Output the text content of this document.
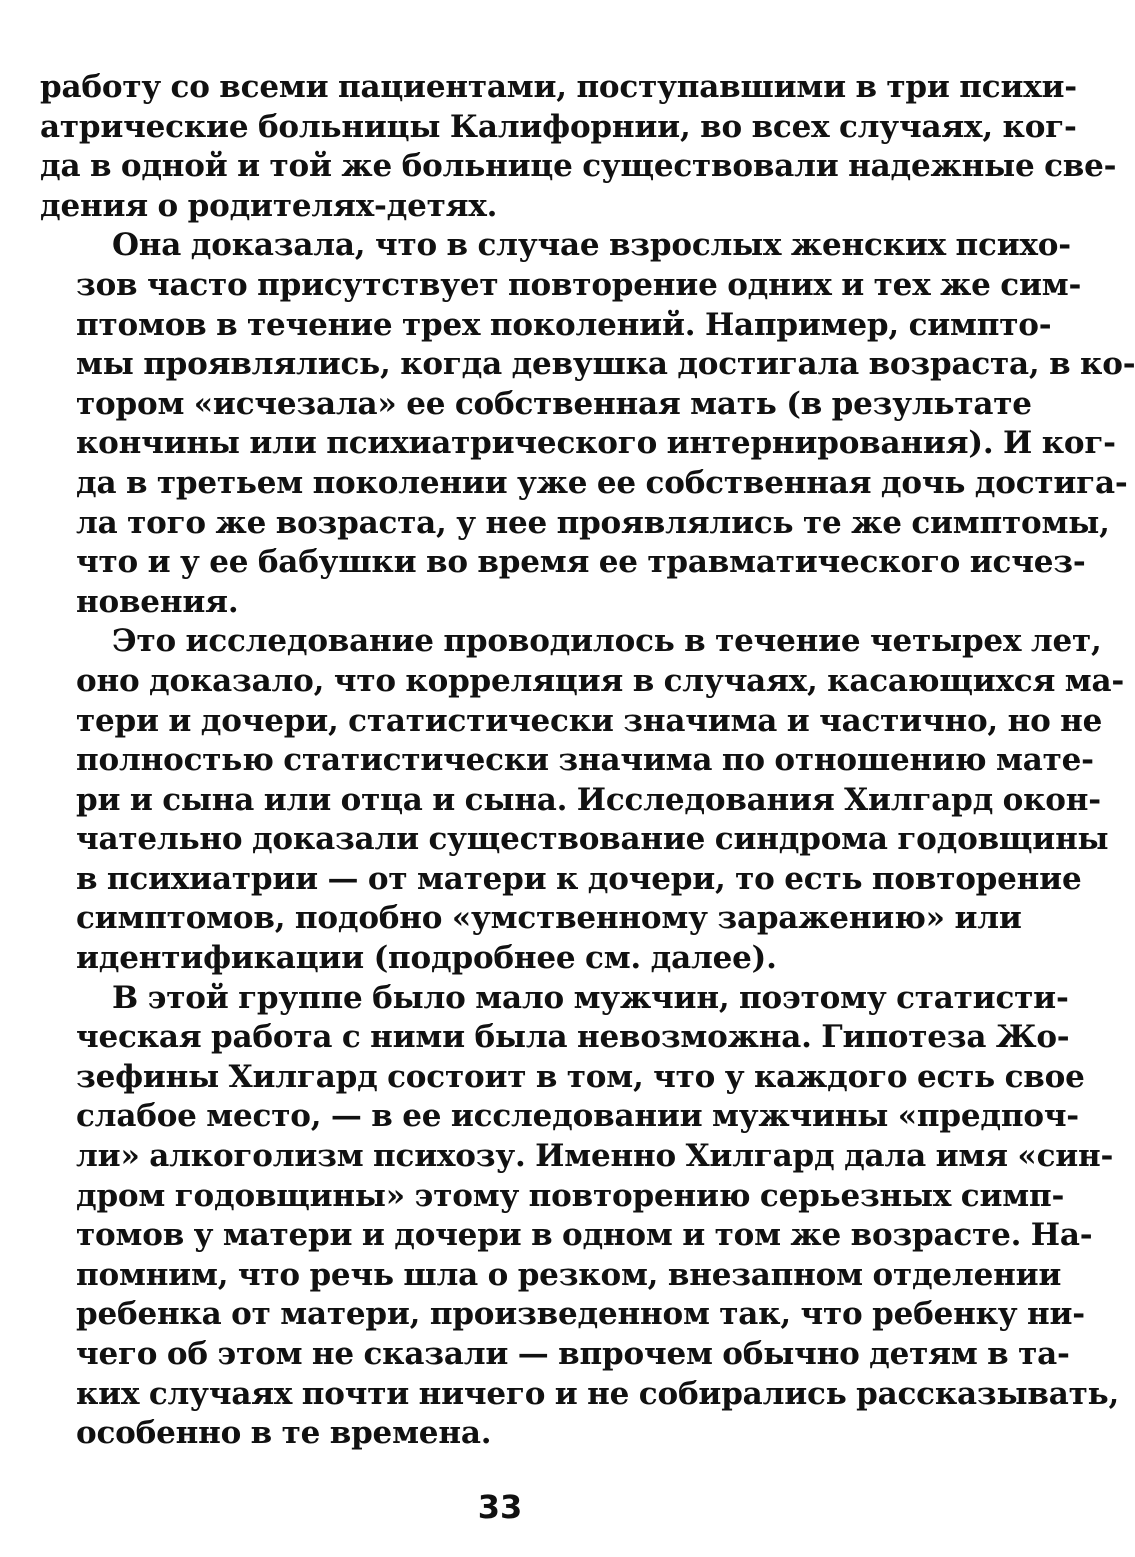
работу со всеми пациентами, поступавшими в три психи-
атрические больницы Калифорнии, во всех случаях, ког-
да в одной и той же больнице существовали надежные све-
дения о родителях-детях.
Она доказала, что в случае взрослых женских психо-
зов часто присутствует повторение одних и тех же сим-
птомов в течение трех поколений. Например, симпто-
мы проявлялись, когда девушка достигала возраста, в ко-
тором «исчезала» ее собственная мать (в результате
кончины или психиатрического интернирования). И ког-
да в третьем поколении уже ее собственная дочь достига-
ла того же возраста, у нее проявлялись те же симптомы,
что и у ее бабушки во время ее травматического исчез-
новения.
Это исследование проводилось в течение четырех лет,
оно доказало, что корреляция в случаях, касающихся ма-
тери и дочери, статистически значима и частично, но не
полностью статистически значима по отношению мате-
ри и сына или отца и сына. Исследования Хилгард окон-
чательно доказали существование синдрома годовщины
в психиатрии — от матери к дочери, то есть повторение
симптомов, подобно «умственному заражению» или
идентификации (подробнее см. далее).
В этой группе было мало мужчин, поэтому статисти-
ческая работа с ними была невозможна. Гипотеза Жо-
зефины Хилгард состоит в том, что у каждого есть свое
слабое место, — в ее исследовании мужчины «предпоч-
ли» алкоголизм психозу. Именно Хилгард дала имя «син-
дром годовщины» этому повторению серьезных симп-
томов у матери и дочери в одном и том же возрасте. На-
помним, что речь шла о резком, внезапном отделении
ребенка от матери, произведенном так, что ребенку ни-
чего об этом не сказали — впрочем обычно детям в та-
ких случаях почти ничего и не собирались рассказывать,
особенно в те времена.
33
